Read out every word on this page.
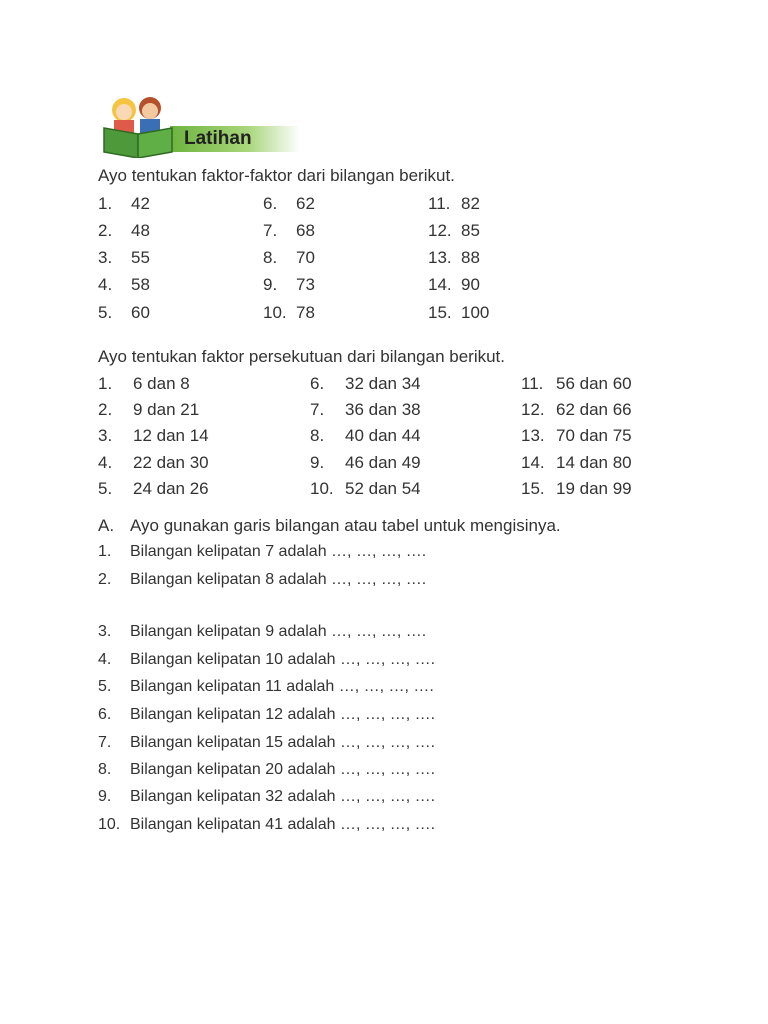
Latihan
Ayo tentukan faktor-faktor dari bilangan berikut.
1. 42
2. 48
3. 55
4. 58
5. 60
6. 62
7. 68
8. 70
9. 73
10. 78
11. 82
12. 85
13. 88
14. 90
15. 100
Ayo tentukan faktor persekutuan dari bilangan berikut.
1. 6 dan 8
2. 9 dan 21
3. 12 dan 14
4. 22 dan 30
5. 24 dan 26
6. 32 dan 34
7. 36 dan 38
8. 40 dan 44
9. 46 dan 49
10. 52 dan 54
11. 56 dan 60
12. 62 dan 66
13. 70 dan 75
14. 14 dan 80
15. 19 dan 99
A. Ayo gunakan garis bilangan atau tabel untuk mengisinya.
1. Bilangan kelipatan 7 adalah …, …, …, ….
2. Bilangan kelipatan 8 adalah …, …, …, ….
3. Bilangan kelipatan 9 adalah …, …, …, ….
4. Bilangan kelipatan 10 adalah …, …, …, ….
5. Bilangan kelipatan 11 adalah …, …, …, ….
6. Bilangan kelipatan 12 adalah …, …, …, ….
7. Bilangan kelipatan 15 adalah …, …, …, ….
8. Bilangan kelipatan 20 adalah …, …, …, ….
9. Bilangan kelipatan 32 adalah …, …, …, ….
10. Bilangan kelipatan 41 adalah …, …, …, ….
